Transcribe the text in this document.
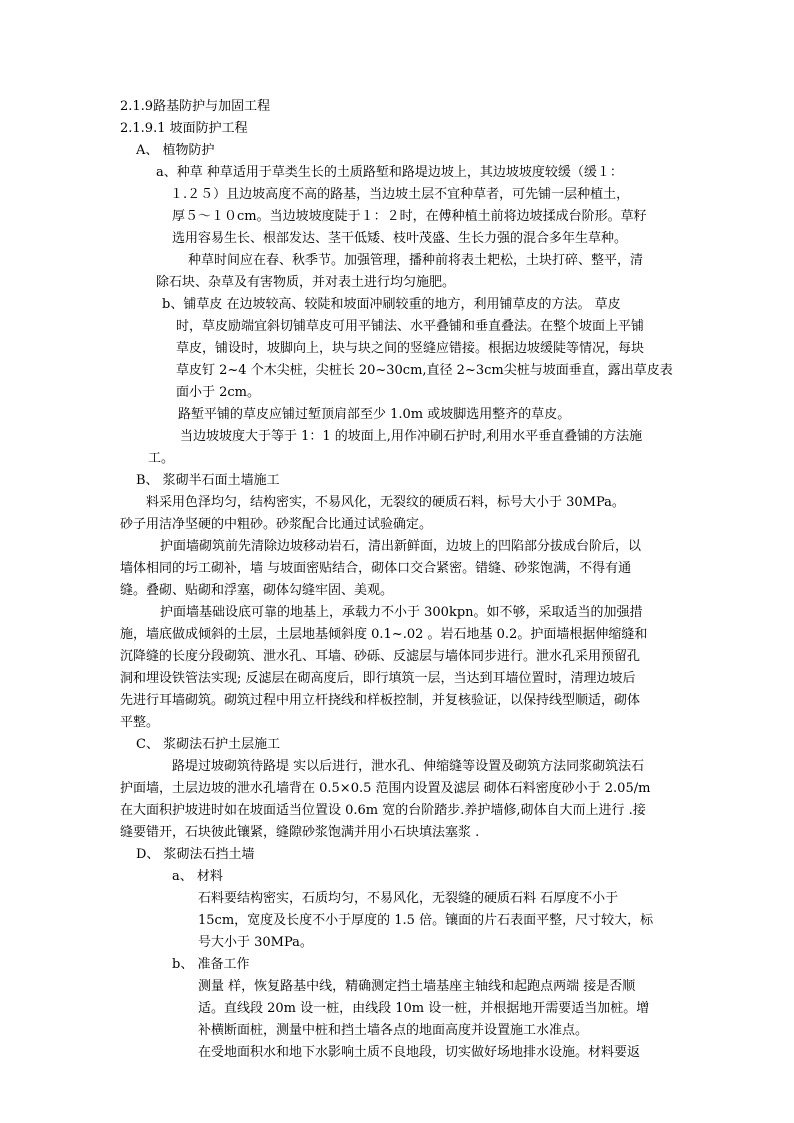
2.1.9路基防护与加固工程
2.1.9.1 坡面防护工程
A、 植物防护
a、种草 种草适用于草类生长的土质路堑和路堤边坡上，其边坡坡度较缓（缓１：
１.２５）且边坡高度不高的路基，当边坡土层不宜种草者，可先铺一层种植土，
厚５～１０cm。当边坡坡度陡于１：２时，在傅种植土前将边坡揉成台阶形。草籽
选用容易生长、根部发达、茎干低矮、枝叶茂盛、生长力强的混合多年生草种。
种草时间应在春、秋季节。加强管理，播种前将表土耙松，土块打碎、整平，清
除石块、杂草及有害物质，并对表土进行均匀施肥。
b、铺草皮 在边坡较高、较陡和坡面冲刷较重的地方，利用铺草皮的方法。 草皮
时，草皮励端宜斜切铺草皮可用平铺法、水平叠铺和垂直叠法。在整个坡面上平铺
草皮，铺设时，坡脚向上，块与块之间的竖缝应错接。根据边坡缓陡等情况，每块
草皮钉 2~4 个木尖桩，尖桩长 20~30cm,直径 2~3cm尖桩与坡面垂直，露出草皮表
面小于 2cm。
路堑平铺的草皮应铺过堑顶肩部至少 1.0m 或坡脚选用整齐的草皮。
当边坡坡度大于等于 1：1 的坡面上,用作冲刷石护时,利用水平垂直叠铺的方法施
工。
B、 浆砌半石面土墙施工
料采用色泽均匀，结构密实，不易风化，无裂纹的硬质石料，标号大小于 30MPa。
砂子用洁净坚硬的中粗砂。砂浆配合比通过试验确定。
护面墙砌筑前先清除边坡移动岩石，清出新鲜面，边坡上的凹陷部分拔成台阶后，以
墙体相同的圬工砌补，墙 与坡面密贴结合，砌体口交合紧密。错缝、砂浆饱满，不得有通
缝。叠砌、贴砌和浮塞，砌体勾缝牢固、美观。
护面墙基础设底可靠的地基上，承载力不小于 300kpn。如不够，采取适当的加强措
施，墙底做成倾斜的土层，土层地基倾斜度 0.1~.02 。岩石地基 0.2。护面墙根据伸缩缝和
沉降缝的长度分段砌筑、泄水孔、耳墙、砂砾、反滤层与墙体同步进行。泄水孔采用预留孔
洞和埋设铁管法实现; 反滤层在砌高度后，即行填筑一层，当达到耳墙位置时，清理边坡后
先进行耳墙砌筑。砌筑过程中用立杆挠线和样板控制，并复核验证，以保持线型顺适，砌体
平整。
C、 浆砌法石护土层施工
路堤过坡砌筑待路堤 实以后进行，泄水孔、伸缩缝等设置及砌筑方法同浆砌筑法石
护面墙，土层边坡的泄水孔墙背在 0.5×0.5 范围内设置及滤层 砌体石料密度砂小于 2.05/m
在大面积护坡进时如在坡面适当位置设 0.6m 宽的台阶踏步.养护墙修,砌体自大而上进行 .接
缝要错开，石块彼此镶紧，缝隙砂浆饱满并用小石块填法塞浆 .
D、 浆砌法石挡土墙
a、 材料
石料要结构密实，石质均匀，不易风化，无裂缝的硬质石料 石厚度不小于
15cm，宽度及长度不小于厚度的 1.5 倍。镶面的片石表面平整，尺寸较大，标
号大小于 30MPa。
b、 准备工作
测量 样，恢复路基中线，精确测定挡土墙基座主轴线和起跑点两端 接是否顺
适。直线段 20m 设一桩，由线段 10m 设一桩，并根据地开需要适当加桩。增
补横断面桩，测量中桩和挡土墙各点的地面高度并设置施工水准点。
在受地面积水和地下水影响土质不良地段，切实做好场地排水设施。材料要返
